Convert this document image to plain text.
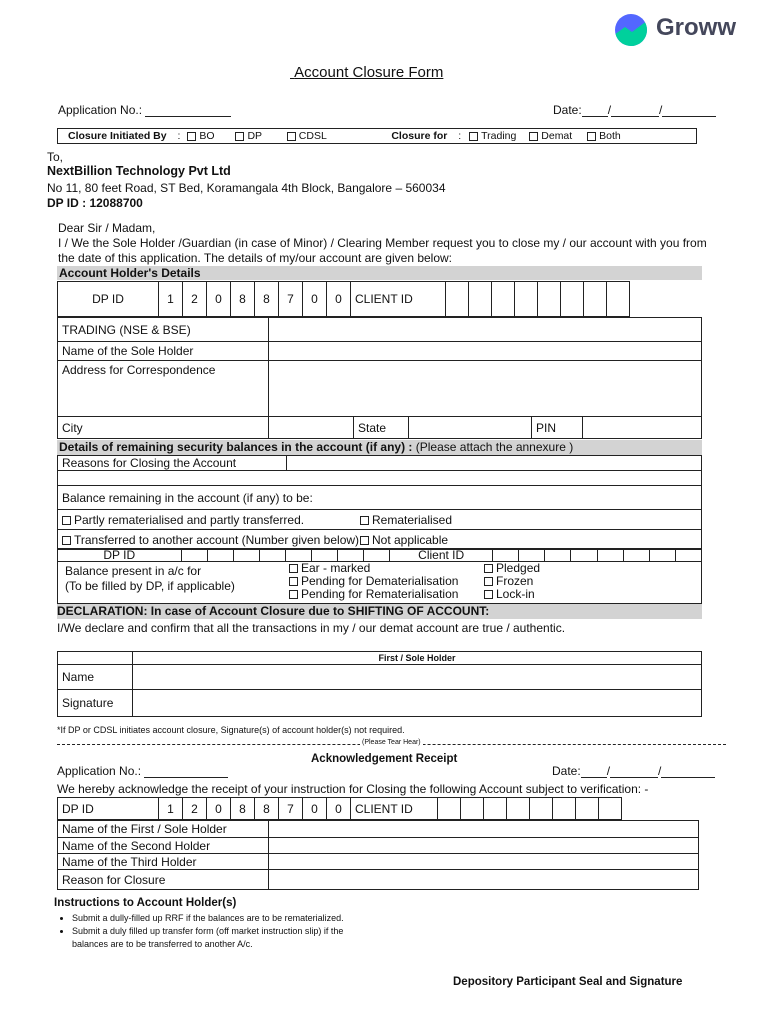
Groww
Account Closure Form
Application No.:	Date: /	/
Closure Initiated By : BO	DP	CDSL	Closure for : Trading Demat	Both
To,
NextBillion Technology Pvt Ltd
No 11, 80 feet Road, ST Bed, Koramangala 4th Block, Bangalore – 560034
DP ID : 12088700
Dear Sir / Madam,
I / We the Sole Holder /Guardian (in case of Minor) / Clearing Member request you to close my / our account with you from the date of this application. The details of my/our account are given below:
Account Holder's Details
DP ID	1	2	0	8	8	7	0	0	CLIENT ID								
TRADING (NSE & BSE)					
Name of the Sole Holder					
Address for Correspondence					
City		State		PIN	
Details of remaining security balances in the account (if any) : (Please attach the annexure )
Reasons for Closing the Account	

Balance remaining in the account (if any) to be:
Partly rematerialised and partly transferred.	Rematerialised

Transferred to another account (Number given below)	Not applicable
DP ID									Client ID								
Balance present in a/c for
(To be filled by DP, if applicable)
Ear - marked
Pending for Dematerialisation
Pending for Rematerialisation
Pledged
Frozen
Lock-in
DECLARATION: In case of Account Closure due to SHIFTING OF ACCOUNT:
I/We declare and confirm that all the transactions in my / our demat account are true / authentic.
	First / Sole Holder
Name	
Signature	
*If DP or CDSL initiates account closure, Signature(s) of account holder(s) not required.
(Please Tear Hear)
Acknowledgement Receipt
Application No.:	Date: /	/
We hereby acknowledge the receipt of your instruction for Closing the following Account subject to verification: -
DP ID	1	2	0	8	8	7	0	0	CLIENT ID								
Name of the First / Sole Holder	
Name of the Second Holder	
Name of the Third Holder	
Reason for Closure	
Instructions to Account Holder(s)
• Submit a dully-filled up RRF if the balances are to be rematerialized.
• Submit a duly filled up transfer form (off market instruction slip) if the balances are to be transferred to another A/c.
Depository Participant Seal and Signature
